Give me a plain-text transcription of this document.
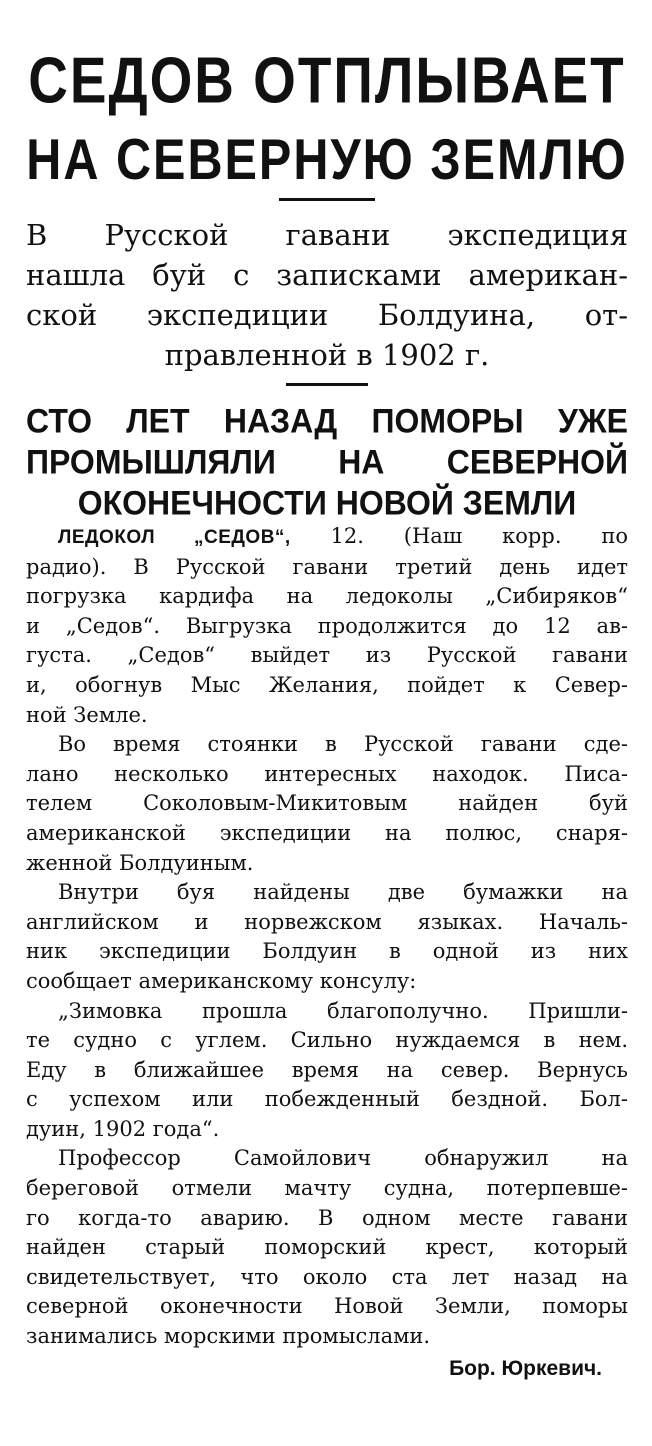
СЕДОВ ОТПЛЫВАЕТ
НА СЕВЕРНУЮ ЗЕМЛЮ
В Русской гавани экспедиция
нашла буй с записками американ-
ской экспедиции Болдуина, от-
правленной в 1902 г.
СТО ЛЕТ НАЗАД ПОМОРЫ УЖЕ
ПРОМЫШЛЯЛИ НА СЕВЕРНОЙ
ОКОНЕЧНОСТИ НОВОЙ ЗЕМЛИ

ЛЕДОКОЛ „СЕДОВ“, 12. (Наш корр. по
радио). В Русской гавани третий день идет
погрузка кардифа на ледоколы „Сибиряков“
и „Седов“. Выгрузка продолжится до 12 ав-
густа. „Седов“ выйдет из Русской гавани
и, обогнув Мыс Желания, пойдет к Север-
ной Земле.

Во время стоянки в Русской гавани сде-
лано несколько интересных находок. Писа-
телем Соколовым-Микитовым найден буй
американской экспедиции на полюс, снаря-
женной Болдуиным.

Внутри буя найдены две бумажки на
английском и норвежском языках. Началь-
ник экспедиции Болдуин в одной из них
сообщает американскому консулу:

„Зимовка прошла благополучно. Пришли-
те судно с углем. Сильно нуждаемся в нем.
Еду в ближайшее время на север. Вернусь
с успехом или побежденный бездной. Бол-
дуин, 1902 года“.

Профессор Самойлович обнаружил на
береговой отмели мачту судна, потерпевше-
го когда-то аварию. В одном месте гавани
найден старый поморский крест, который
свидетельствует, что около ста лет назад на
северной оконечности Новой Земли, поморы
занимались морскими промыслами.

Бор. Юркевич.
